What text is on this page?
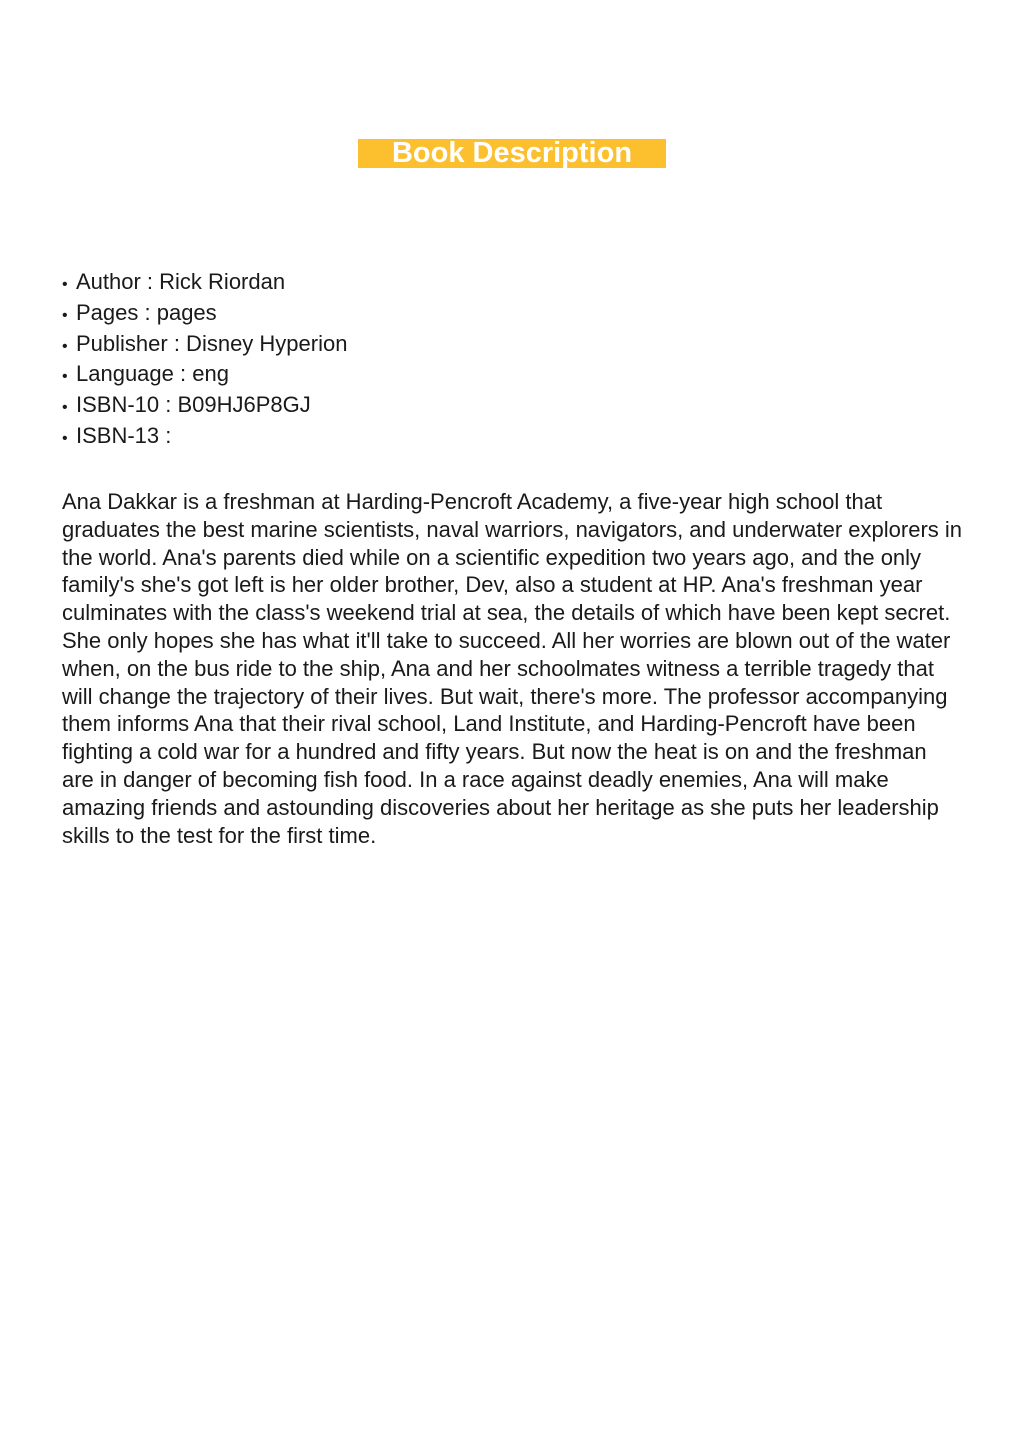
Book Description
• Author : Rick Riordan
• Pages : pages
• Publisher : Disney Hyperion
• Language : eng
• ISBN-10 : B09HJ6P8GJ
• ISBN-13 :

Ana Dakkar is a freshman at Harding-Pencroft Academy, a five-year high school that graduates the best marine scientists, naval warriors, navigators, and underwater explorers in the world. Ana's parents died while on a scientific expedition two years ago, and the only family's she's got left is her older brother, Dev, also a student at HP. Ana's freshman year culminates with the class's weekend trial at sea, the details of which have been kept secret. She only hopes she has what it'll take to succeed. All her worries are blown out of the water when, on the bus ride to the ship, Ana and her schoolmates witness a terrible tragedy that will change the trajectory of their lives. But wait, there's more. The professor accompanying them informs Ana that their rival school, Land Institute, and Harding-Pencroft have been fighting a cold war for a hundred and fifty years. But now the heat is on and the freshman are in danger of becoming fish food. In a race against deadly enemies, Ana will make amazing friends and astounding discoveries about her heritage as she puts her leadership skills to the test for the first time.
